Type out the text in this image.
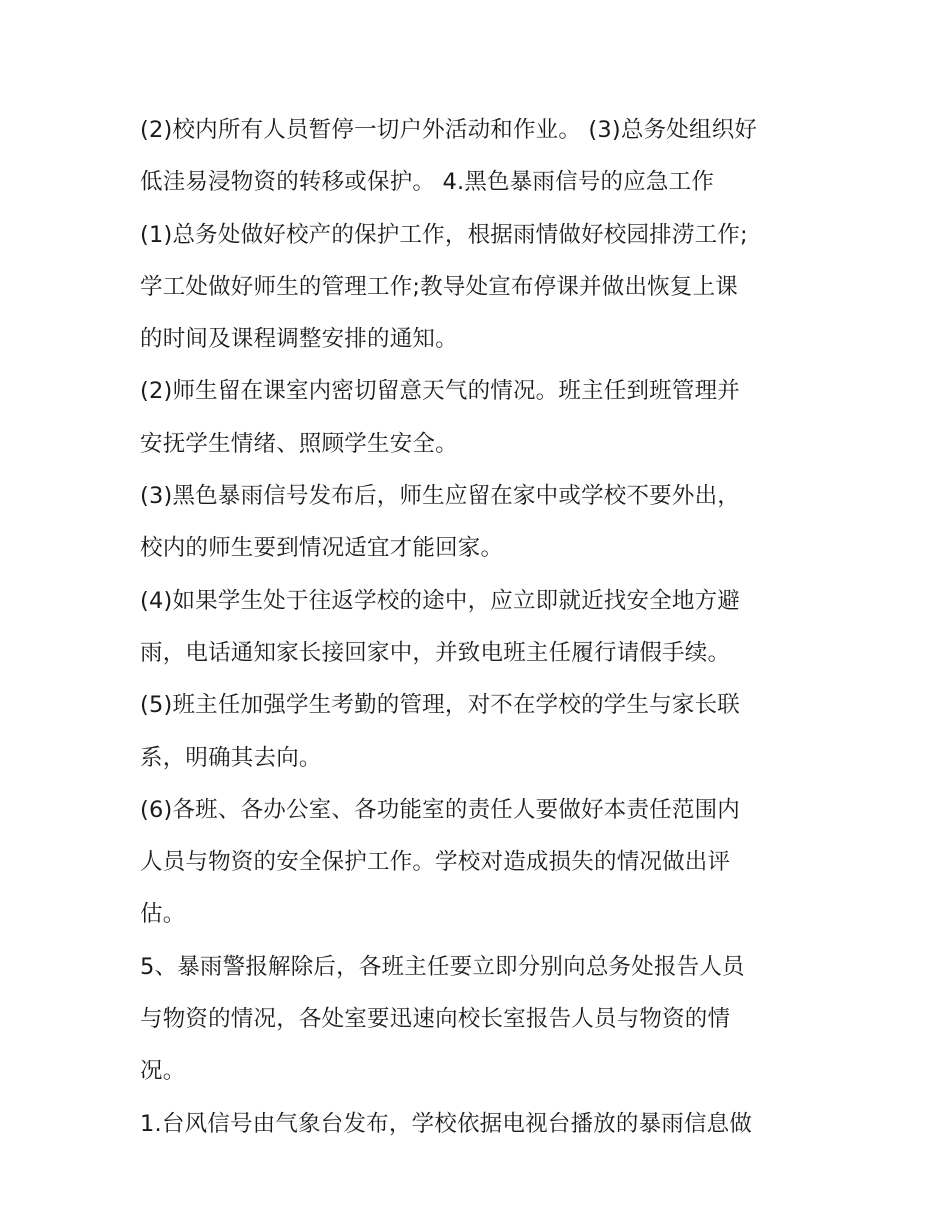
(2)校内所有人员暂停一切户外活动和作业。 (3)总务处组织好
低洼易浸物资的转移或保护。 4.黑色暴雨信号的应急工作
(1)总务处做好校产的保护工作，根据雨情做好校园排涝工作;
学工处做好师生的管理工作;教导处宣布停课并做出恢复上课
的时间及课程调整安排的通知。
(2)师生留在课室内密切留意天气的情况。班主任到班管理并
安抚学生情绪、照顾学生安全。
(3)黑色暴雨信号发布后，师生应留在家中或学校不要外出，
校内的师生要到情况适宜才能回家。
(4)如果学生处于往返学校的途中，应立即就近找安全地方避
雨，电话通知家长接回家中，并致电班主任履行请假手续。
(5)班主任加强学生考勤的管理，对不在学校的学生与家长联
系，明确其去向。
(6)各班、各办公室、各功能室的责任人要做好本责任范围内
人员与物资的安全保护工作。学校对造成损失的情况做出评
估。
5、暴雨警报解除后，各班主任要立即分别向总务处报告人员
与物资的情况，各处室要迅速向校长室报告人员与物资的情
况。
1.台风信号由气象台发布，学校依据电视台播放的暴雨信息做
